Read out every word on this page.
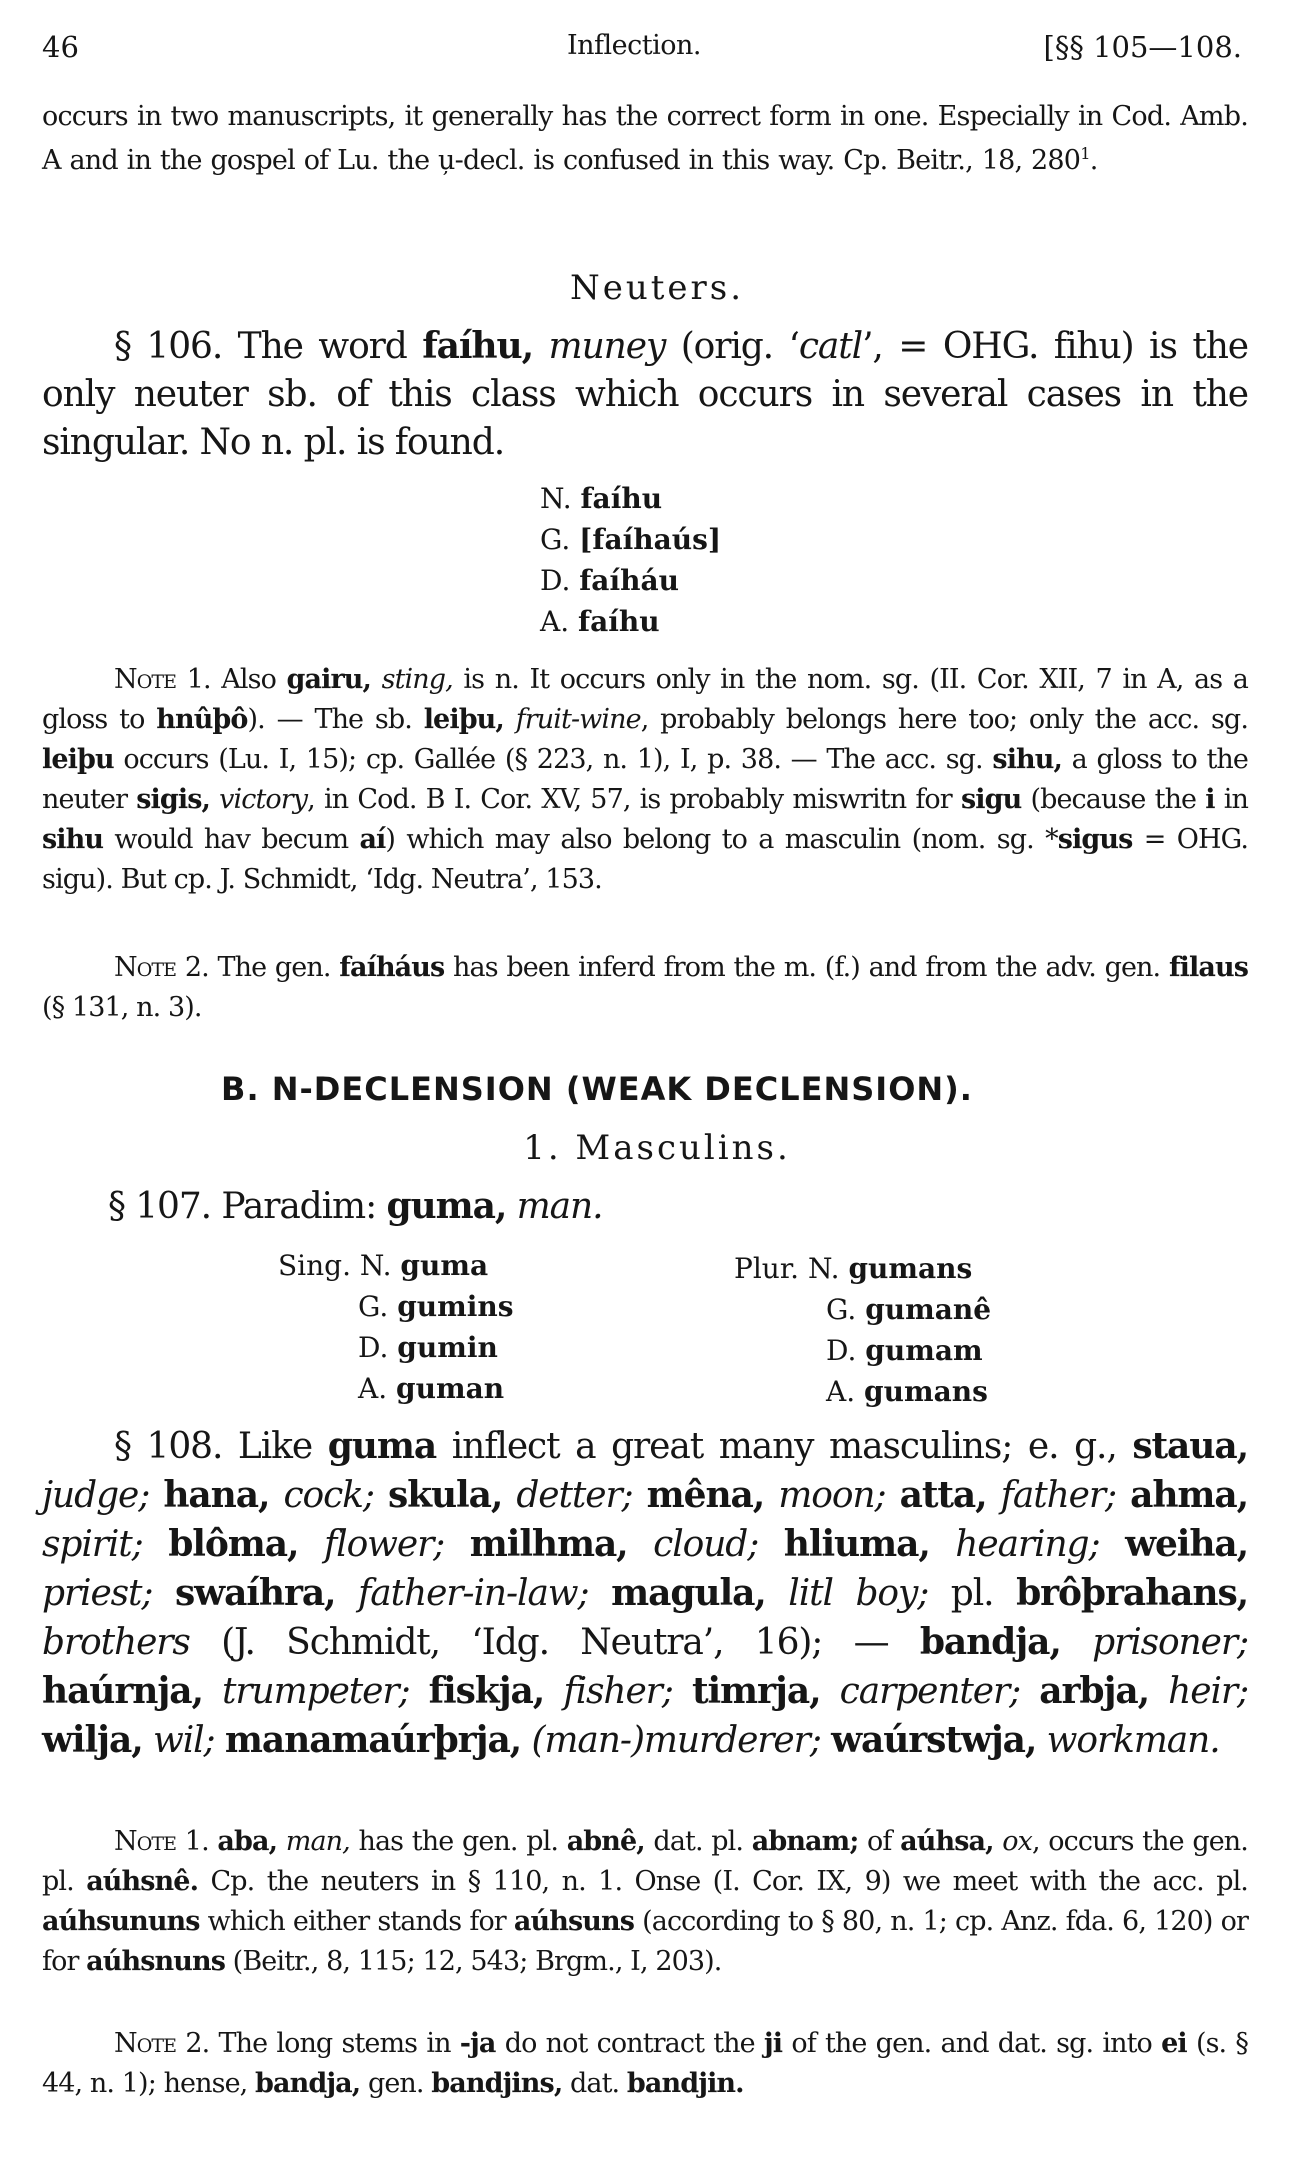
46	Inflection.	[§§ 105—108.

occurs in two manuscripts, it generally has the correct form in one. Especially in Cod. Amb. A and in the gospel of Lu. the u̦-decl. is confused in this way. Cp. Beitr., 18, $280^1$.

Neuters.

§ 106. The word faíhu, muney (orig. ‘catl’, = OHG. fihu) is the only neuter sb. of this class which occurs in several cases in the singular. No n. pl. is found.

N. faíhu
G. [faíhaús]
D. faíháu
A. faíhu

Note 1. Also gairu, sting, is n. It occurs only in the nom. sg. (II. Cor. XII, 7 in A, as a gloss to hnûþô). — The sb. leiþu, fruit-wine, probably belongs here too; only the acc. sg. leiþu occurs (Lu. I, 15); cp. Gallée (§ 223, n. 1), I, p. 38. — The acc. sg. sihu, a gloss to the neuter sigis, victory, in Cod. B I. Cor. XV, 57, is probably miswritn for sigu (because the i in sihu would hav becum aí) which may also belong to a masculin (nom. sg. *sigus = OHG. sigu). But cp. J. Schmidt, ‘Idg. Neutra’, 153.

Note 2. The gen. faíháus has been inferd from the m. (f.) and from the adv. gen. filaus (§ 131, n. 3).

B. N-DECLENSION (WEAK DECLENSION).
1. Masculins.

§ 107. Paradim: guma, man.

Sing. N. guma
G. gumins
D. gumin
A. guman
Plur. N. gumans
G. gumanê
D. gumam
A. gumans

§ 108. Like guma inflect a great many masculins; e. g., staua, judge; hana, cock; skula, detter; mêna, moon; atta, father; ahma, spirit; blôma, flower; milhma, cloud; hliuma, hearing; weiha, priest; swaíhra, father-in-law; magula, litl boy; pl. brôþrahans, brothers (J. Schmidt, ‘Idg. Neutra’, 16); — bandja, prisoner; haúrnja, trumpeter; fiskja, fisher; timrja, carpenter; arbja, heir; wilja, wil; manamaúrþrja, (man-)murderer; waúrstwja, workman.

Note 1. aba, man, has the gen. pl. abnê, dat. pl. abnam; of aúhsa, ox, occurs the gen. pl. aúhsnê. Cp. the neuters in § 110, n. 1. Onse (I. Cor. IX, 9) we meet with the acc. pl. aúhsununs which either stands for aúhsuns (according to § 80, n. 1; cp. Anz. fda. 6, 120) or for aúhsnuns (Beitr., 8, 115; 12, 543; Brgm., I, 203).

Note 2. The long stems in -ja do not contract the ji of the gen. and dat. sg. into ei (s. § 44, n. 1); hense, bandja, gen. bandjins, dat. bandjin.
